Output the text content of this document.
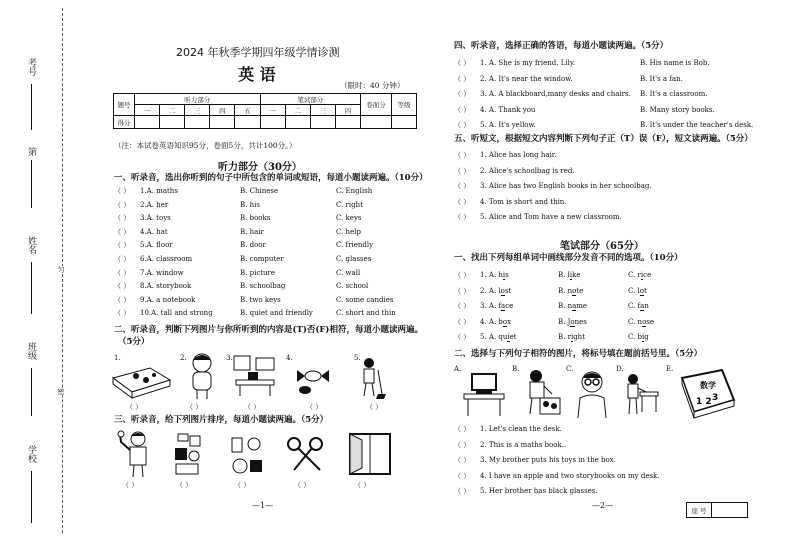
考号
第
姓名
班级
学校
匀
密
2024 年秋季学期四年级学情诊测
英 语
（限时：40 分钟）
题号	听力部分					笔试部分				卷面分	等级
	一	二	三	四	五	一	二	三	四		
得分											
（注：本试卷英语知识95分，卷面5分，共计100分。）
听力部分（30分）
一、听录音，选出你听到的句子中所包含的单词或短语，每道小题读两遍。（10分）
（ ） 1.A. maths	B. Chinese	C. English
（ ） 2.A. her	B. his	C. right
（ ） 3.A. toys	B. books	C. keys
（ ） 4.A. hat	B. hair	C. help
（ ） 5.A. floor	B. door	C. friendly
（ ） 6.A. classroom	B. computer	C. glasses
（ ） 7.A. window	B. picture	C. wall
（ ） 8.A. storybook	B. schoolbag	C. school
（ ） 9.A. a notebook	B. two keys	C. some candies
（ ） 10.A. tall and strong	B. quiet and friendly	C. short and thin
二、听录音，判断下列图片与你所听到的内容是(T)否(F)相符，每道小题读两遍。
（5分）
1.	2.	3.	4.	5.
（ ）	（ ）	（ ）	（ ）	（ ）
三、听录音，给下列图片排序，每道小题读两遍。（5分）
（ ）	（ ）	（ ）	（ ）	（ ）
—1—
四、听录音，选择正确的答语，每道小题读两遍。（5分）
（ ） 1. A. She is my friend, Lily.	B. His name is Bob.
（ ） 2. A. It's near the window.	B. It's a fan.
（ ） 3. A. A blackboard,many desks and chairs. B. It's a classroom.
（ ） 4. A. Thank you	B. Many story books.
（ ） 5. A. It's yellow.	B. It's under the teacher's desk.
五、听短文，根据短文内容判断下列句子正（T）误（F），短文读两遍。（5分）
（ ） 1. Alice has long hair.
（ ） 2. Alice's schoolbag is red.
（ ） 3. Alice has two English books in her schoolbag.
（ ） 4. Tom is short and thin.
（ ） 5. Alice and Tom have a new classroom.
笔试部分（65分）
一、找出下列每组单词中画线部分发音不同的选项。（10分）
（ ） 1. A. his	B. like	C. rice
（ ） 2. A. lost	B. note	C. lot
（ ） 3. A. face	B. name	C. fan
（ ） 4. A. box	B. Jones	C. nose
（ ） 5. A. quiet	B. right	C. big
二、选择与下列句子相符的图片，将标号填在题前括号里。（5分）
A.	B.	C.	D.	E.
数学
1 2 3
（ ） 1. Let's clean the desk.
（ ） 2. This is a maths book..
（ ） 3. My brother puts his toys in the box.
（ ） 4. I have an apple and two storybooks on my desk.
（ ） 5. Her brother has black glasses.
—2—
座 号
